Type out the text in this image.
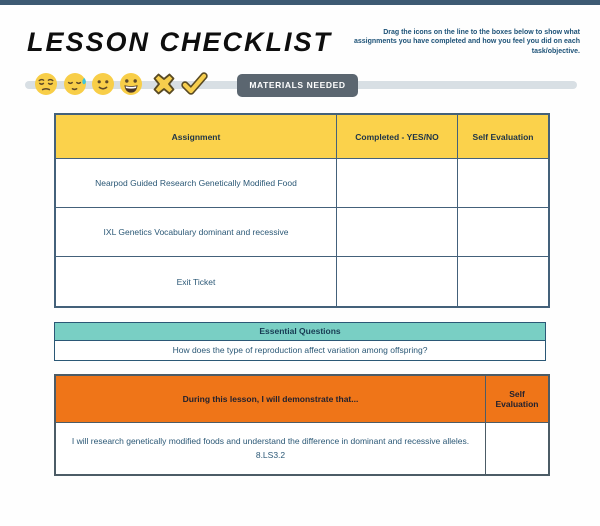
LESSON CHECKLIST	Drag the icons on the line to the boxes below to show what assignments you have completed and how you feel you did on each task/objective.
MATERIALS NEEDED
Assignment	Completed - YES/NO	Self Evaluation
Nearpod Guided Research Genetically Modified Food
IXL Genetics Vocabulary dominant and recessive
Exit Ticket
Essential Questions
How does the type of reproduction affect variation among offspring?
During this lesson, I will demonstrate that...	Self Evaluation
I will research genetically modified foods and understand the difference in dominant and recessive alleles. 8.LS3.2
